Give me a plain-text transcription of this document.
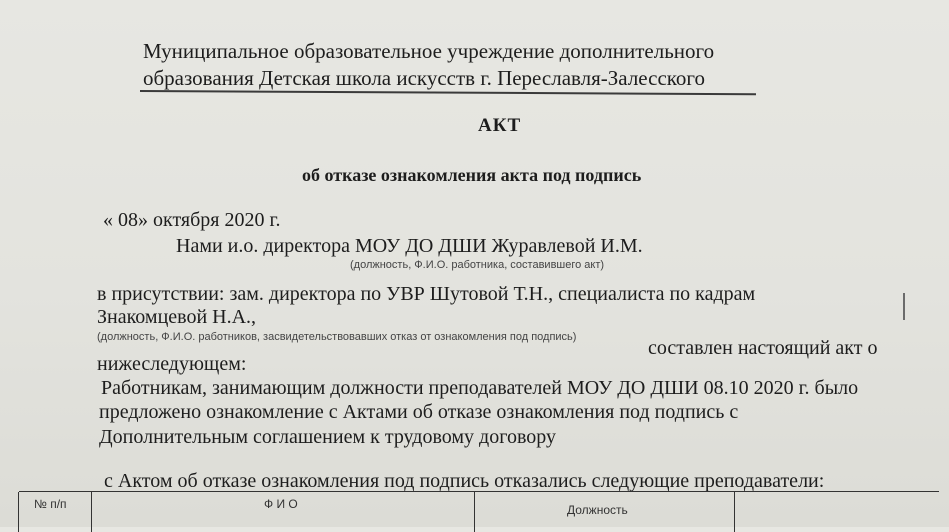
Муниципальное образовательное учреждение дополнительного
образования Детская школа искусств г. Переславля-Залесского
АКТ
об отказе ознакомления акта под подпись
« 08» октября 2020 г.
Нами и.о. директора МОУ ДО ДШИ Журавлевой И.М.
(должность, Ф.И.О. работника, составившего акт)
в присутствии: зам. директора по УВР Шутовой Т.Н., специалиста по кадрам
Знакомцевой Н.А.,
(должность, Ф.И.О. работников, засвидетельствовавших отказ от ознакомления под подпись)	составлен настоящий акт о
нижеследующем:
Работникам, занимающим должности преподавателей МОУ ДО ДШИ 08.10 2020 г. было
предложено ознакомление с Актами об отказе ознакомления под подпись с
Дополнительным соглашением к трудовому договору
с Актом об отказе ознакомления под подпись отказались следующие преподаватели:
№ п/п	Ф И О	Должность
